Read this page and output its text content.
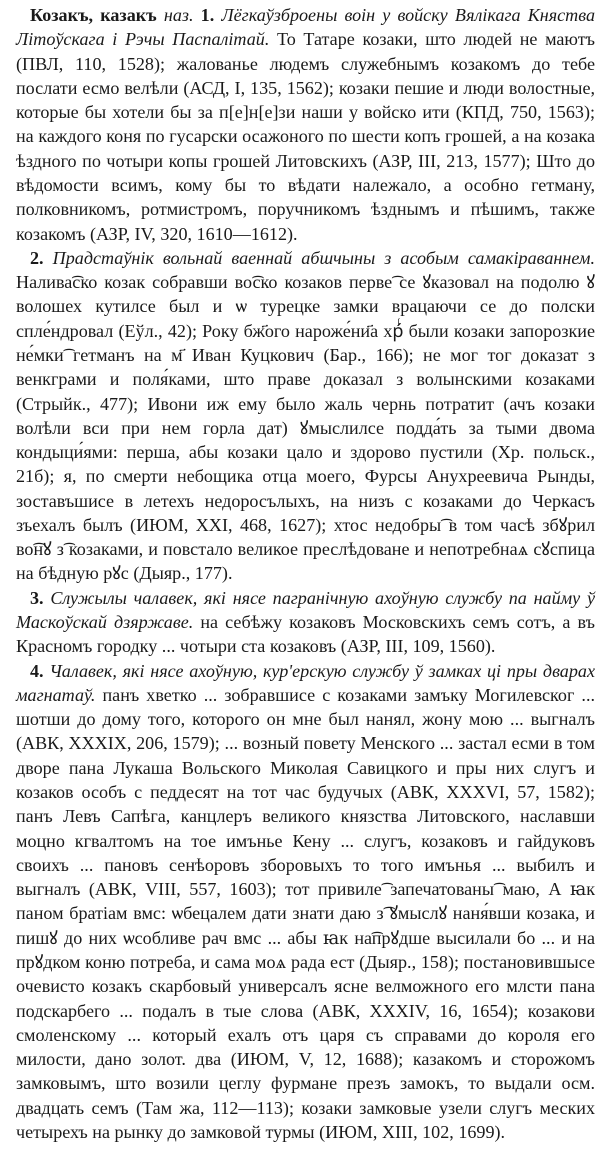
Козакъ, казакъ наз. 1. Лёгкаўзброены воін у войску Вялікага Княства Літоўскага і Рэчы Паспалітай. То Татаре козаки, што людей не маютъ (ПВЛ, 110, 1528); жалованье людемъ служебнымъ козакомъ до тебе послати есмо велѣли (АСД, I, 135, 1562); козаки пешие и люди волостные, которые бы хотели бы за п[е]н[е]зи наши у войско ити (КПД, 750, 1563); на каждого коня по гусарски осажоного по шести копъ грошей, а на козака ѣздного по чотыри копы грошей Литовскихъ (АЗР, III, 213, 1577); Што до вѣдомости всимъ, кому бы то вѣдати належало, а особно гетману, полковникомъ, ротмистромъ, поручникомъ ѣзднымъ и пѣшимъ, также козакомъ (АЗР, IV, 320, 1610—1612).

2. Прадстаўнік вольнай ваеннай абшчыны з асобым самакіраваннем. Налива͡ско козак собравши во͡ско козаков перве͡ се ꙋказовал на подолю ꙋ волошех кутилсе был и ѡ турецке замки врацаючи се до полски спле́ндровал (Еўл., 42); Року бж҃ого нароже́ни҃а хрᷯ́ были козаки запорозкие не́мки͡ гетманъ на м҃ Иван Куцкович (Бар., 166); не мог тог доказат з венкграми и поля́ками, што праве доказал з волынскими козаками (Стрыйк., 477); Ивони иж ему было жаль чернь потратит (ачъ козаки волѣли вси при нем горла дат) ꙋмыслилсе подда́ть за тыми двома кондыци́ями: перша, абы козаки цало и здорово пустили (Хр. польск., 21б); я, по смерти небощика отца моего, Фурсы Анухреевича Рынды, зоставъшисе в летехъ недоросълыхъ, на низъ с козаками до Черкасъ зъехалъ былъ (ИЮМ, XXI, 468, 1627); хтос недобры͡ в том часѣ збꙋрил во͡нꙋ з͡ козаками, и повстало великое преслѣдоване и непотребнаѧ сꙋспица на бѣдную рꙋс (Дыяр., 177).

3. Служылы чалавек, які нясе пагранічную ахоўную службу па найму ў Маскоўскай дзяржаве. на себѣжу козаковъ Московскихъ семъ сотъ, а въ Красномъ городку ... чотыри ста козаковъ (АЗР, III, 109, 1560).

4. Чалавек, які нясе ахоўную, кур'ерскую службу ў замках ці пры дварах магнатаў. панъ хветко ... зобравшисе с козаками замъку Могилевског ... шотши до дому того, которого он мне был нанял, жону мою ... выгналъ (АВК, XXXIX, 206, 1579); ... возный повету Менского ... застал есми в том дворе пана Лукаша Вольского Миколая Савицкого и пры них слугъ и козаков особъ с педдесят на тот час будучых (АВК, XXXVI, 57, 1582); панъ Левъ Сапѣга, канцлеръ великого князства Литовского, наславши моцно кгвалтомъ на тое имънье Кену ... слугъ, козаковъ и гайдуковъ своихъ ... пановъ сенѣоровъ зборовыхъ то того имънья ... выбилъ и выгналъ (АВК, VIII, 557, 1603); тот привиле͡ запечатованы͡ маю, А ꙗк паном братіам вмс: ѡбецалем дати знати даю з͡ ꙋмыслꙋ наня́вши козака, и пишꙋ до них ѡсобливе рач вмс ... абы ꙗк на͡прꙋдше высилали бо ... и на прꙋдком коню потреба, и сама моѧ рада ест (Дыяр., 158); постановившысе очевисто козакъ скарбовый универсалъ ясне велможного его млсти пана подскарбего ... подалъ в тые слова (АВК, XXXIV, 16, 1654); козакови смоленскому ... который ехалъ отъ царя съ справами до короля его милости, дано золот. два (ИЮМ, V, 12, 1688); казакомъ и сторожомъ замковымъ, што возили цеглу фурмане презъ замокъ, то выдали осм. двадцать семъ (Там жа, 112—113); козаки замковые узели слугъ меских четырехъ на рынку до замковой турмы (ИЮМ, XIII, 102, 1699).
